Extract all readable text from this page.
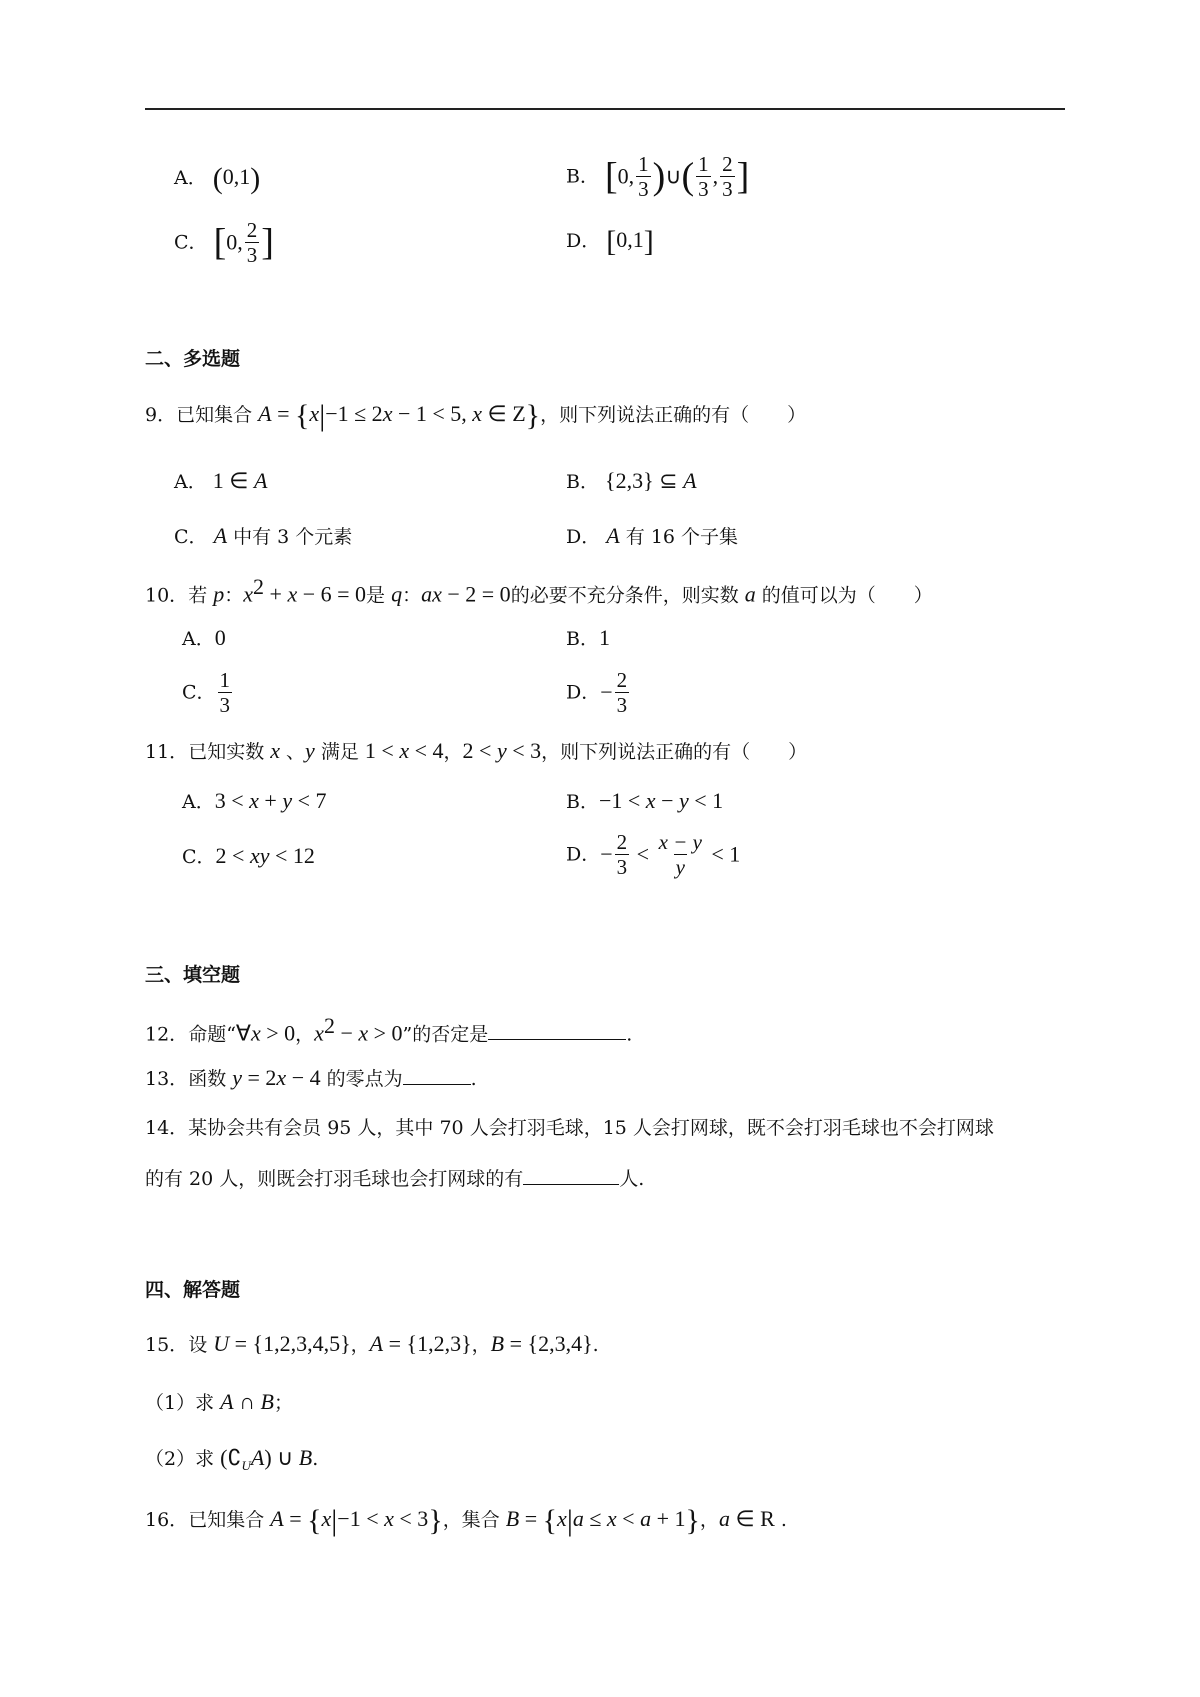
A． (0,1)	B． [0, $\frac{1}{3}$ )∪( $\frac{1}{3}$ , $\frac{2}{3}$ ]
C． [0, $\frac{2}{3}$ ]	D． [0,1]
二、多选题
9．已知集合 A = {x|−1 ≤ 2x − 1 < 5, x ∈ Z}，则下列说法正确的有（　　）
A． 1 ∈ A	B． {2,3} ⊆ A
C． A 中有 3 个元素	D． A 有 16 个子集
10．若 p：$x^2 + x - 6 = 0$是 q：ax − 2 = 0的必要不充分条件，则实数 a 的值可以为（　　）
A．0	B．1
C． $\frac{1}{3}$	D．− $\frac{2}{3}$
11．已知实数 x 、y 满足 1 < x < 4，2 < y < 3，则下列说法正确的有（　　）
A．3 < x + y < 7	B．−1 < x − y < 1
C．2 < xy < 12	D．− $\frac{2}{3} < \frac{x - y}{y} < 1$
三、填空题
12．命题“∀x > 0，$x^2 - x > 0$”的否定是	.
13．函数 y = 2x − 4 的零点为	.
14．某协会共有会员 95 人，其中 70 人会打羽毛球，15 人会打网球，既不会打羽毛球也不会打网球
的有 20 人，则既会打羽毛球也会打网球的有	人.
四、解答题
15．设 U = {1,2,3,4,5}，A = {1,2,3}，B = {2,3,4}.
（1）求 A ∩ B；
（2）求 $(∁_UA)$ ∪ B.
16．已知集合 A = {x|−1 < x < 3}，集合 B = {x|a ≤ x < a + 1}，a ∈ R .
